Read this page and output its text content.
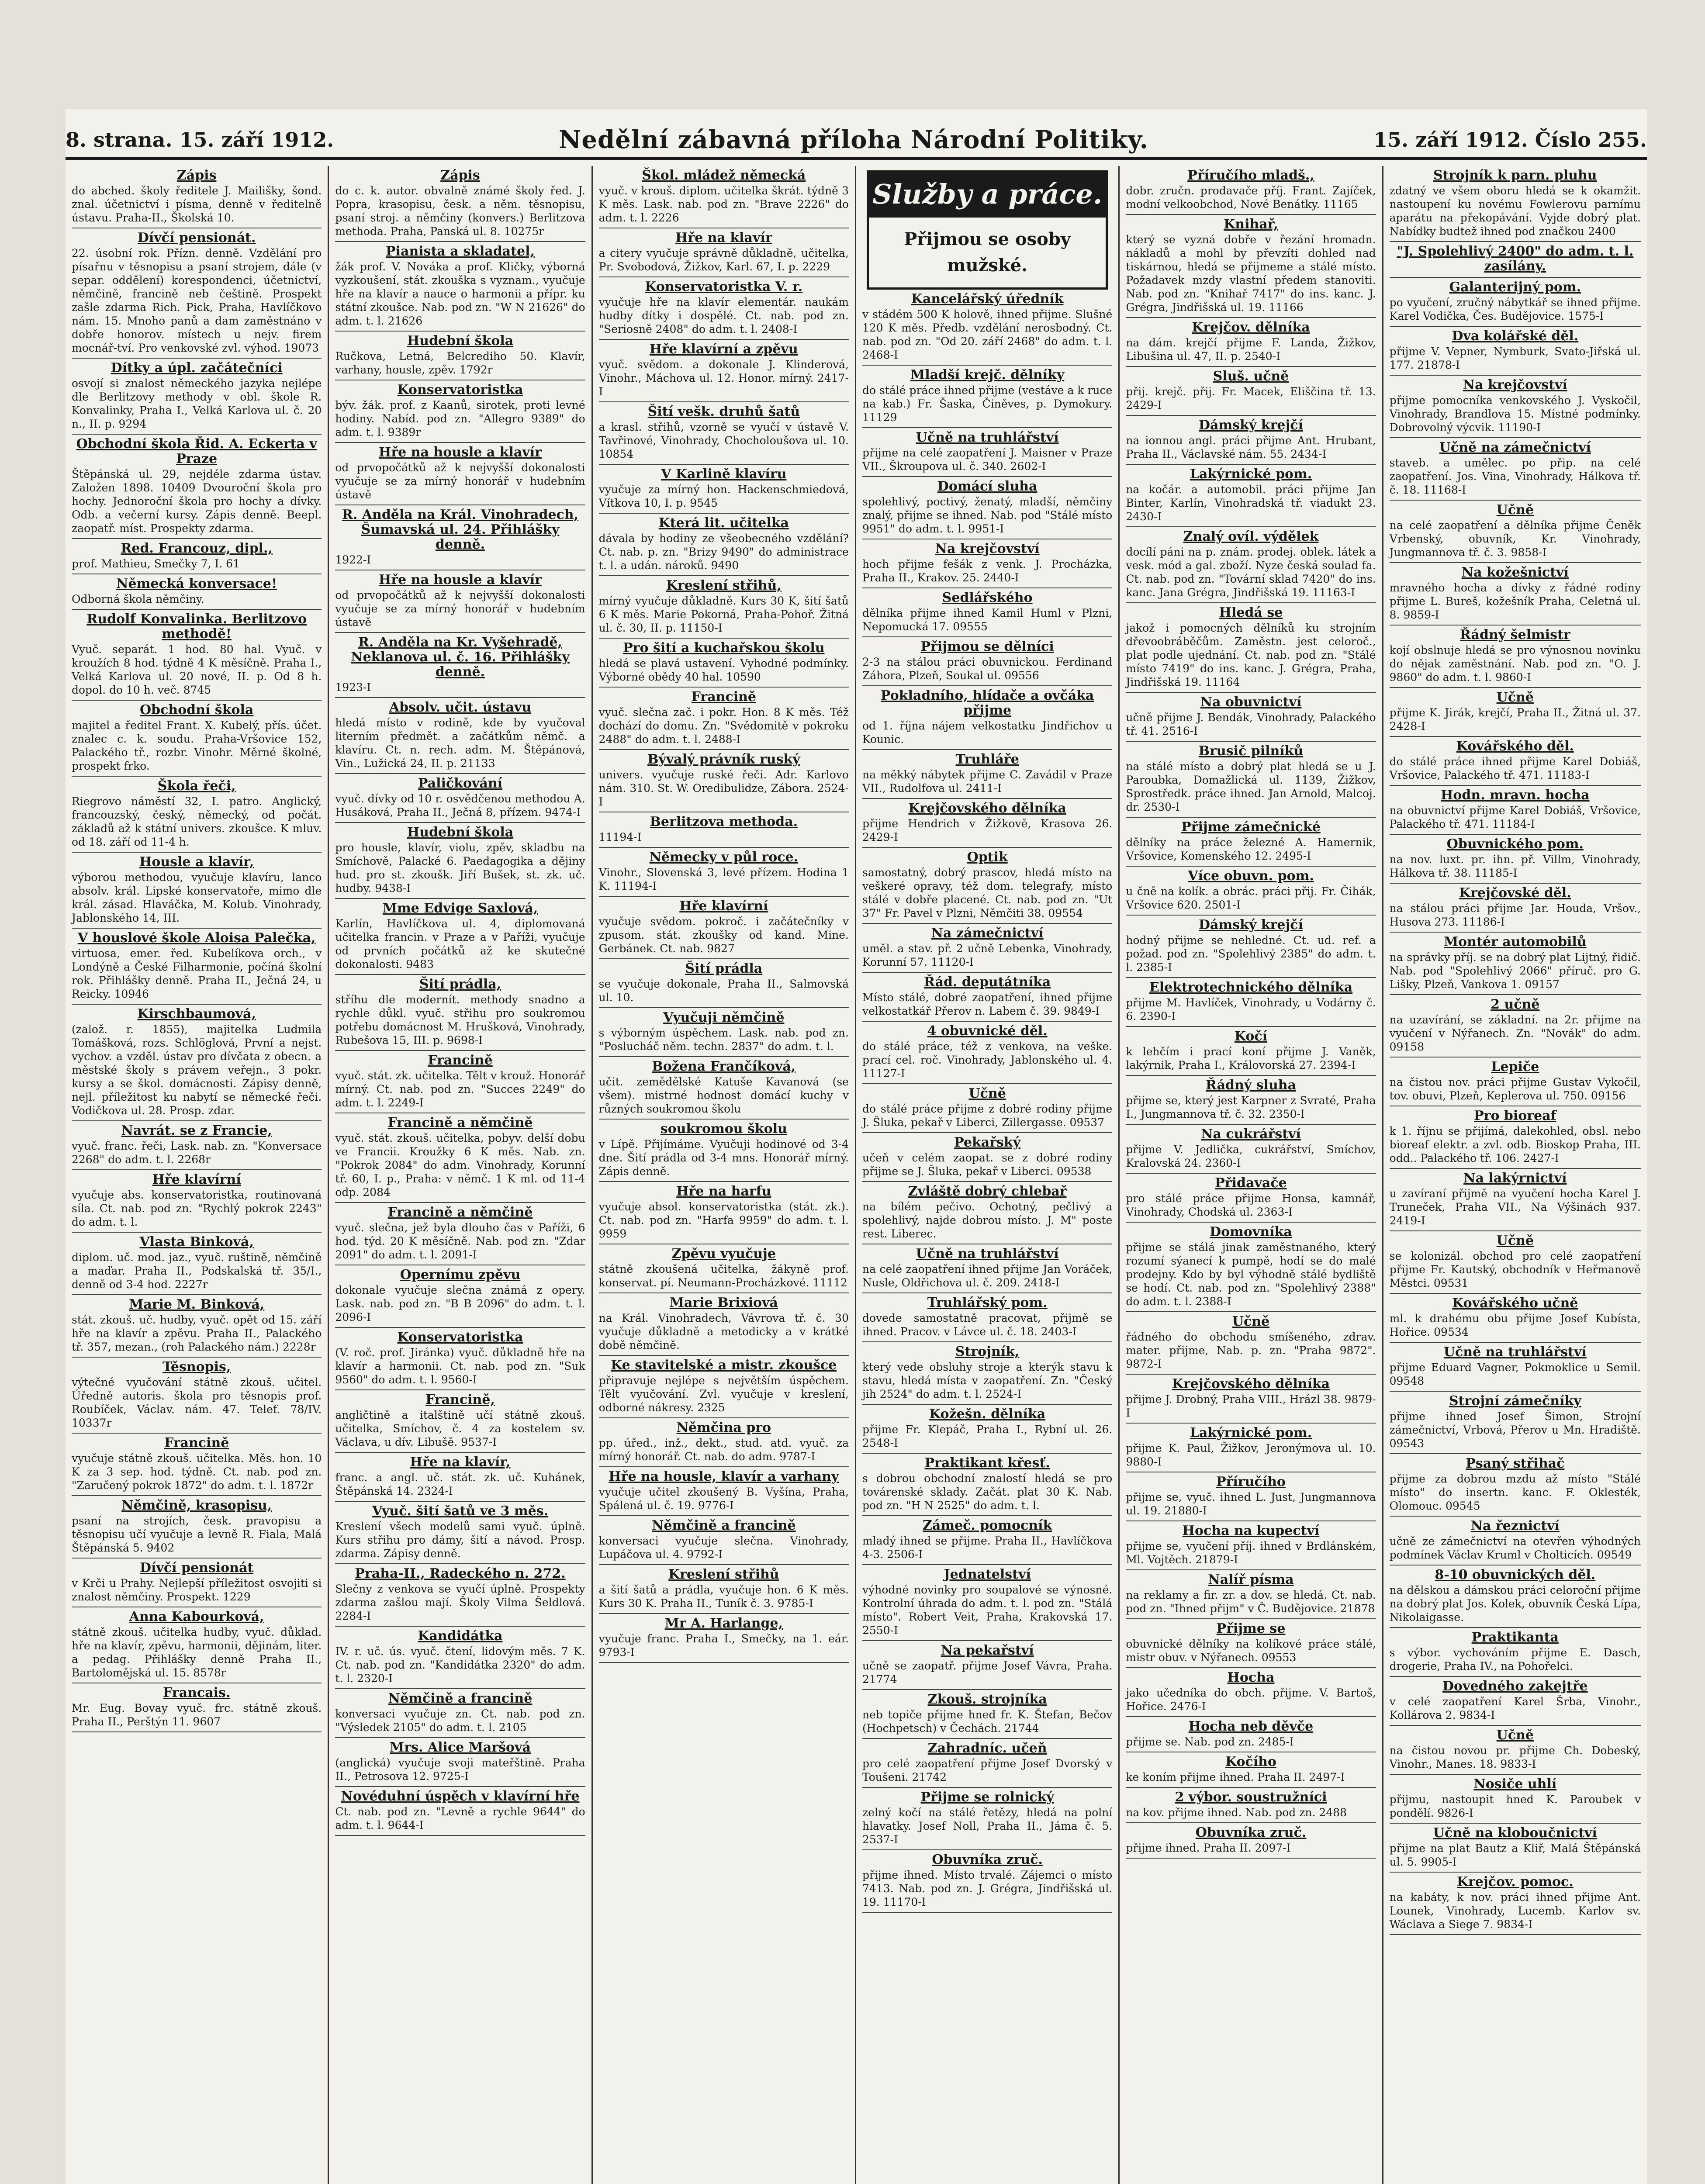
8. strana. 15. září 1912.	Nedělní zábavná příloha Národní Politiky.	15. září 1912. Číslo 255.
Zápis

do abched. školy ředitele J. Mailišky, šond. znal. účetnictví i písma, denně v ředitelně ústavu. Praha-II., Školská 10.

Dívčí pensionát.

22. úsobní rok. Přízn. denně. Vzdělání pro písařnu v těsnopisu a psaní strojem, dále (v separ. oddělení) korespondenci, účetnictví, němčině, francině neb češtině. Prospekt zašle zdarma Rich. Pick, Praha, Havlíčkovo nám. 15. Mnoho panů a dam zaměstnáno v dobře honorov. místech u nejv. firem mocnář-tví. Pro venkovské zvl. výhod. 19073

Dítky a úpl. začátečníci

osvojí si znalost německého jazyka nejlépe dle Berlitzovy methody v obl. škole R. Konvalinky, Praha I., Velká Karlova ul. č. 20 n., II. p. 9294

Obchodní škola Řid. A. Eckerta v Praze

Štěpánská ul. 29, nejdéle zdarma ústav. Založen 1898. 10409 Dvouroční škola pro hochy. Jednoroční škola pro hochy a dívky. Odb. a večerní kursy. Zápis denně. Beepl. zaopatř. míst. Prospekty zdarma.

Red. Francouz, dipl.,

prof. Mathieu, Smečky 7, I. 61

Německá konversace!

Odborná škola němčiny.

Rudolf Konvalinka. Berlitzovo methodě!

Vyuč. separát. 1 hod. 80 hal. Vyuč. v kroužích 8 hod. týdně 4 K měsíčně. Praha I., Velká Karlova ul. 20 nové, II. p. Od 8 h. dopol. do 10 h. več. 8745

Obchodní škola

majitel a ředitel Frant. X. Kubelý, přís. účet. znalec c. k. soudu. Praha-Vršovice 152, Palackého tř., rozbr. Vinohr. Měrné školné, prospekt frko.

Škola řeči,

Riegrovo náměstí 32, I. patro. Anglický, francouzský, český, německý, od počát. základů až k státní univers. zkoušce. K mluv. od 18. září od 11-4 h.

Housle a klavír,

výborou methodou, vyučuje klavíru, lanco absolv. král. Lipské konservatoře, mimo dle král. zásad. Hlaváčka, M. Kolub. Vinohrady, Jablonského 14, III.

V houslové škole Aloisa Palečka,

virtuosa, emer. řed. Kubelíkova orch., v Londýně a České Filharmonie, počíná školní rok. Přihlášky denně. Praha II., Ječná 24, u Reicky. 10946

Kirschbaumová,

(založ. r. 1855), majitelka Ludmila Tomášková, rozs. Schlöglová, První a nejst. vychov. a vzděl. ústav pro dívčata z obecn. a městské školy s právem veřejn., 3 pokr. kursy a se škol. domácnosti. Zápisy denně, nejl. příležitost ku nabytí se německé řeči. Vodičkova ul. 28. Prosp. zdar.

Navrát. se z Francie,

vyuč. franc. řeči, Lask. nab. zn. "Konversace 2268" do adm. t. l. 2268r

Hře klavírní

vyučuje abs. konservatoristka, routinovaná síla. Ct. nab. pod zn. "Rychlý pokrok 2243" do adm. t. l.

Vlasta Binková,

diplom. uč. mod. jaz., vyuč. ruštině, němčině a maďar. Praha II., Podskalská tř. 35/I., denně od 3-4 hod. 2227r

Marie M. Binková,

stát. zkouš. uč. hudby, vyuč. opět od 15. září hře na klavír a zpěvu. Praha II., Palackého tř. 357, mezan., (roh Palackého nám.) 2228r

Těsnopis,

výtečné vyučování státně zkouš. učitel. Úředně autoris. škola pro těsnopis prof. Roubíček, Václav. nám. 47. Telef. 78/IV. 10337r

Francině

vyučuje státně zkouš. učitelka. Měs. hon. 10 K za 3 sep. hod. týdně. Ct. nab. pod zn. "Zaručený pokrok 1872" do adm. t. l. 1872r

Němčině, krasopisu,

psaní na strojích, česk. pravopisu a těsnopisu učí vyučuje a levně R. Fiala, Malá Štěpánská 5. 9402

Dívčí pensionát

v Krči u Prahy. Nejlepší příležitost osvojiti si znalost němčiny. Prospekt. 1229

Anna Kabourková,

státně zkouš. učitelka hudby, vyuč. důklad. hře na klavír, zpěvu, harmonii, dějinám, liter. a pedag. Přihlášky denně Praha II., Bartolomějská ul. 15. 8578r

Francais.

Mr. Eug. Bovay vyuč. frc. státně zkouš. Praha II., Perštýn 11. 9607

Zápis

do c. k. autor. obvalně známé školy řed. J. Popra, krasopisu, česk. a něm. těsnopisu, psaní stroj. a němčiny (konvers.) Berlitzova methoda. Praha, Panská ul. 8. 10275r

Pianista a skladatel,

žák prof. V. Nováka a prof. Kličky, výborná vyzkoušení, stát. zkouška s vyznam., vyučuje hře na klavír a nauce o harmonii a přípr. ku státní zkoušce. Nab. pod zn. "W N 21626" do adm. t. l. 21626

Hudební škola

Ručkova, Letná, Belcrediho 50. Klavír, varhany, housle, zpěv. 1792r

Konservatoristka

býv. žák. prof. z Kaanů, sirotek, proti levné hodiny. Nabíd. pod zn. "Allegro 9389" do adm. t. l. 9389r

Hře na housle a klavír

od prvopočátků až k nejvyšší dokonalosti vyučuje se za mírný honorář v hudebním ústavě

R. Anděla na Král. Vinohradech, Šumavská ul. 24. Přihlášky denně.

1922-I

Hře na housle a klavír

od prvopočátků až k nejvyšší dokonalosti vyučuje se za mírný honorář v hudebním ústavě

R. Anděla na Kr. Vyšehradě, Neklanova ul. č. 16. Přihlášky denně.

1923-I

Absolv. učit. ústavu

hledá místo v rodině, kde by vyučoval literním předmět. a začátkům němč. a klavíru. Ct. n. rech. adm. M. Štěpánová, Vin., Lužická 24, II. p. 21133

Paličkování

vyuč. dívky od 10 r. osvědčenou methodou A. Husáková, Praha II., Ječná 8, přízem. 9474-I

Hudební škola

pro housle, klavír, violu, zpěv, skladbu na Smíchově, Palacké 6. Paedagogika a dějiny hud. pro st. zkoušk. Jiří Bušek, st. zk. uč. hudby. 9438-I

Mme Edvige Saxlová,

Karlín, Havlíčkova ul. 4, diplomovaná učitelka francin. v Praze a v Paříži, vyučuje od prvních počátků až ke skutečné dokonalosti. 9483

Šití prádla,

stříhu dle modernít. methody snadno a rychle důkl. vyuč. střihu pro soukromou potřebu domácnost M. Hrušková, Vinohrady, Rubešova 15, III. p. 9698-I

Francině

vyuč. stát. zk. učitelka. Tělt v krouž. Honorář mírný. Ct. nab. pod zn. "Succes 2249" do adm. t. l. 2249-I

Francině a němčině

vyuč. stát. zkouš. učitelka, pobyv. delší dobu ve Francii. Kroužky 6 K měs. Nab. zn. "Pokrok 2084" do adm. Vinohrady, Korunní tř. 60, I. p., Praha: v němč. 1 K ml. od 11-4 odp. 2084

Francině a němčině

vyuč. slečna, jež byla dlouho čas v Paříži, 6 hod. týd. 20 K měsíčně. Nab. pod zn. "Zdar 2091" do adm. t. l. 2091-I

Opernímu zpěvu

dokonale vyučuje slečna známá z opery. Lask. nab. pod zn. "B B 2096" do adm. t. l. 2096-I

Konservatoristka

(V. roč. prof. Jiránka) vyuč. důkladně hře na klavír a harmonii. Ct. nab. pod zn. "Suk 9560" do adm. t. l. 9560-I

Francině,

angličtině a italštině učí státně zkouš. učitelka, Smíchov, č. 4 za kostelem sv. Václava, u dív. Libušě. 9537-I

Hře na klavír,

franc. a angl. uč. stát. zk. uč. Kuhánek, Štěpánská 14. 2324-I

Vyuč. šití šatů ve 3 měs.

Kreslení všech modelů sami vyuč. úplně. Kurs střihu pro dámy, šití a návod. Prosp. zdarma. Zápisy denně.

Praha-II., Radeckého n. 272.

Slečny z venkova se vyučí úplně. Prospekty zdarma zašlou mají. Školy Vilma Šeldlová. 2284-I

Kandidátka

IV. r. uč. ús. vyuč. čtení, lidovým měs. 7 K. Ct. nab. pod zn. "Kandidátka 2320" do adm. t. l. 2320-I

Němčině a francině

konversaci vyučuje zn. Ct. nab. pod zn. "Výsledek 2105" do adm. t. l. 2105

Mrs. Alice Maršová

(anglická) vyučuje svoji mateřštině. Praha II., Petrosova 12. 9725-I

Novéduhní úspěch v klavírní hře

Ct. nab. pod zn. "Levně a rychle 9644" do adm. t. l. 9644-I

Škol. mládež německá

vyuč. v krouš. diplom. učitelka škrát. týdně 3 K měs. Lask. nab. pod zn. "Brave 2226" do adm. t. l. 2226

Hře na klavír

a citery vyučuje správně důkladně, učitelka, Pr. Svobodová, Žižkov, Karl. 67, I. p. 2229

Konservatoristka V. r.

vyučuje hře na klavír elementár. naukám hudby dítky i dospělé. Ct. nab. pod zn. "Seriosně 2408" do adm. t. l. 2408-I

Hře klavírní a zpěvu

vyuč. svědom. a dokonale J. Klinderová, Vinohr., Máchova ul. 12. Honor. mírný. 2417-I

Šití vešk. druhů šatů

a krasl. střihů, vzorně se vyučí v ústavě V. Tavřinové, Vinohrady, Chocholoušova ul. 10. 10854

V Karlině klavíru

vyučuje za mírný hon. Hackenschmiedová, Vítkova 10, I. p. 9545

Která lit. učitelka

dávala by hodiny ze všeobecného vzdělání? Ct. nab. p. zn. "Brizy 9490" do administrace t. l. a udán. nároků. 9490

Kreslení střihů,

mírný vyučuje důkladně. Kurs 30 K, šití šatů 6 K měs. Marie Pokorná, Praha-Pohoř. Žitná ul. č. 30, II. p. 11150-I

Pro šití a kuchařskou školu

hledá se plavá ustavení. Vyhodné podmínky. Výborné obědy 40 hal. 10590

Francině

vyuč. slečna zač. i pokr. Hon. 8 K měs. Též dochází do domu. Zn. "Svědomitě v pokroku 2488" do adm. t. l. 2488-I

Bývalý právník ruský

univers. vyučuje ruské řeči. Adr. Karlovo nám. 310. St. W. Oredibulidze, Zábora. 2524-I

Berlitzova methoda.

11194-I

Německy v půl roce.

Vinohr., Slovenská 3, levé přízem. Hodina 1 K. 11194-I

Hře klavírní

vyučuje svědom. pokroč. i začátečníky v zpusom. stát. zkoušky od kand. Mine. Gerbánek. Ct. nab. 9827

Šití prádla

se vyučuje dokonale, Praha II., Salmovská ul. 10.

Vyučuji němčině

s výborným úspěchem. Lask. nab. pod zn. "Poslucháč něm. techn. 2837" do adm. t. l.

Božena Frančíková,

učit. zemědělské Katuše Kavanová (se všem). mistrné hodnost domácí kuchy v různých soukromou školu

soukromou školu

v Lípě. Přijímáme. Vyučuji hodinové od 3-4 dne. Šití prádla od 3-4 mns. Honorář mírný. Zápis denně.

Hře na harfu

vyučuje absol. konservatoristka (stát. zk.). Ct. nab. pod zn. "Harfa 9959" do adm. t. l. 9959

Zpěvu vyučuje

státně zkoušená učitelka, žákyně prof. konservat. pí. Neumann-Procházkové. 11112

Marie Brixiová

na Král. Vinohradech, Vávrova tř. č. 30 vyučuje důkladně a metodicky a v krátké době němčině.

Ke stavitelské a mistr. zkoušce

připravuje nejlépe s největším úspěchem. Tělt vyučování. Zvl. vyučuje v kreslení, odborné nákresy. 2325

Němčina pro

pp. úřed., inž., dekt., stud. atd. vyuč. za mírný honorář. Ct. nab. do adm. 9787-I

Hře na housle, klavír a varhany

vyučuje učitel zkoušený B. Vyšína, Praha, Spálená ul. č. 19. 9776-I

Němčině a francině

konversaci vyučuje slečna. Vinohrady, Lupáčova ul. 4. 9792-I

Kreslení střihů

a šití šatů a prádla, vyučuje hon. 6 K měs. Kurs 30 K. Praha II., Tuník č. 3. 9785-I

Mr A. Harlange,

vyučuje franc. Praha I., Smečky, na 1. eár. 9793-I

Služby a práce.
Přijmou se osoby mužské.
Kancelářský úředník

v stádém 500 K holově, ihned přijme. Slušné 120 K měs. Předb. vzdělání nerosbodný. Ct. nab. pod zn. "Od 20. září 2468" do adm. t. l. 2468-I

Mladší krejč. dělníky

do stálé práce ihned přijme (vestáve a k ruce na kab.) Fr. Šaska, Činěves, p. Dymokury. 11129

Učně na truhlářství

přijme na celé zaopatření J. Maisner v Praze VII., Škroupova ul. č. 340. 2602-I

Domácí sluha

spolehlivý, poctivý, ženatý, mladší, němčiny znalý, přijme se ihned. Nab. pod "Stálé místo 9951" do adm. t. l. 9951-I

Na krejčovství

hoch přijme fešák z venk. J. Procházka, Praha II., Krakov. 25. 2440-I

Sedlářského

dělníka přijme ihned Kamil Huml v Plzni, Nepomucká 17. 09555

Přijmou se dělníci

2-3 na stálou práci obuvnickou. Ferdinand Záhora, Plzeň, Soukal ul. 09556

Pokladního, hlídače a ovčáka přijme

od 1. října nájem velkostatku Jindřichov u Kounic.

Truhláře

na měkký nábytek přijme C. Zavádil v Praze VII., Rudolfova ul. 2411-I

Krejčovského dělníka

přijme Hendrich v Žižkově, Krasova 26. 2429-I

Optik

samostatný, dobrý prascov, hledá místo na veškeré opravy, též dom. telegrafy, místo stálé v dobře placené. Ct. nab. pod zn. "Ut 37" Fr. Pavel v Plzni, Němčiti 38. 09554

Na zámečnictví

uměl. a stav. př. 2 učně Lebenka, Vinohrady, Korunní 57. 11120-I

Řád. deputátníka

Místo stálé, dobré zaopatření, ihned přijme velkostatkář Přerov n. Labem č. 39. 9849-I

4 obuvnické děl.

do stálé práce, též z venkova, na veške. prací cel. roč. Vinohrady, Jablonského ul. 4. 11127-I

Učně

do stálé práce přijme z dobré rodiny přijme J. Šluka, pekař v Liberci, Zillergasse. 09537

Pekařský

učeň v celém zaopat. se z dobré rodiny přijme se J. Šluka, pekař v Liberci. 09538

Zvláště dobrý chlebař

na bílém pečivo. Ochotný, pečlivý a spolehlivý, najde dobrou místo. J. M" poste rest. Liberec.

Učně na truhlářství

na celé zaopatření ihned přijme Jan Voráček, Nusle, Oldřichova ul. č. 209. 2418-I

Truhlářský pom.

dovede samostatně pracovat, přijmě se ihned. Pracov. v Lávce ul. č. 18. 2403-I

Strojník,

který vede obsluhy stroje a kterýk stavu k stavu, hledá místa v zaopatření. Zn. "Český jih 2524" do adm. t. l. 2524-I

Kožešn. dělníka

přijme Fr. Klepáč, Praha I., Rybní ul. 26. 2548-I

Praktikant křesť.

s dobrou obchodní znalostí hledá se pro továrenské sklady. Začát. plat 30 K. Nab. pod zn. "H N 2525" do adm. t. l.

Zámeč. pomocník

mladý ihned se přijme. Praha II., Havlíčkova 4-3. 2506-I

Jednatelství

výhodné novinky pro soupalové se výnosné. Kontrolní úhrada do adm. t. l. pod zn. "Stálá místo". Robert Veit, Praha, Krakovská 17. 2550-I

Na pekařství

učně se zaopatř. přijme Josef Vávra, Praha. 21774

Zkouš. strojníka

neb topiče přijme hned fr. K. Štefan, Bečov (Hochpetsch) v Čechách. 21744

Zahradníc. učeň

pro celé zaopatření přijme Josef Dvorský v Toušeni. 21742

Přijme se rolnický

zelný kočí na stálé řetězy, hledá na polní hlavatky. Josef Noll, Praha II., Jáma č. 5. 2537-I

Obuvníka zruč.

přijme ihned. Místo trvalé. Zájemci o místo 7413. Nab. pod zn. J. Grégra, Jindřišská ul. 19. 11170-I

Příručího mladš.,

dobr. zručn. prodavače příj. Frant. Zajíček, modní velkoobchod, Nové Benátky. 11165

Knihař,

který se vyzná dobře v řezání hromadn. nákladů a mohl by převzíti dohled nad tiskárnou, hledá se přijmeme a stálé místo. Požadavek mzdy vlastní předem stanoviti. Nab. pod zn. "Knihař 7417" do ins. kanc. J. Grégra, Jindřišská ul. 19. 11166

Krejčov. dělníka

na dám. krejčí přijme F. Landa, Žižkov, Libušina ul. 47, II. p. 2540-I

Sluš. učně

přij. krejč. přij. Fr. Macek, Eliščina tř. 13. 2429-I

Dámský krejčí

na ionnou angl. práci přijme Ant. Hrubant, Praha II., Václavské nám. 55. 2434-I

Lakýrnické pom.

na kočár. a automobil. práci přijme Jan Binter, Karlín, Vinohradská tř. viadukt 23. 2430-I

Znalý ovíl. výdělek

docílí páni na p. znám. prodej. oblek. látek a vesk. mód a gal. zboží. Nyze česká soulad fa. Ct. nab. pod zn. "Tovární sklad 7420" do ins. kanc. Jana Grégra, Jindřišská 19. 11163-I

Hledá se

jakož i pomocných dělníků ku strojním dřevoobráběčům. Zaměstn. jest celoroč., plat podle ujednání. Ct. nab. pod zn. "Stálé místo 7419" do ins. kanc. J. Grégra, Praha, Jindřišská 19. 11164

Na obuvnictví

učně přijme J. Bendák, Vinohrady, Palackého tř. 41. 2516-I

Brusič pilníků

na stálé místo a dobrý plat hledá se u J. Paroubka, Domažlická ul. 1139, Žižkov, Sprostředk. práce ihned. Jan Arnold, Malcoj. dr. 2530-I

Přijme zámečnické

dělníky na práce železné A. Hamernik, Vršovice, Komenského 12. 2495-I

Více obuvn. pom.

u čně na kolík. a obrác. práci přij. Fr. Čihák, Vršovice 620. 2501-I

Dámský krejčí

hodný přijme se nehledné. Ct. ud. ref. a požad. pod zn. "Spolehlivý 2385" do adm. t. l. 2385-I

Elektrotechnického dělníka

přijme M. Havlíček, Vinohrady, u Vodárny č. 6. 2390-I

Kočí

k lehčím i prací koní přijme J. Vaněk, lakýrnik, Praha I., Královorská 27. 2394-I

Řádný sluha

přijme se, který jest Karpner z Svraté, Praha I., Jungmannova tř. č. 32. 2350-I

Na cukrářství

přijme V. Jedlička, cukrářství, Smíchov, Kralovská 24. 2360-I

Přidavače

pro stálé práce přijme Honsa, kamnář, Vinohrady, Chodská ul. 2363-I

Domovníka

přijme se stálá jinak zaměstnaného, který rozumí sýanecí k pumpě, hodí se do malé prodejny. Kdo by byl výhodně stálé bydliště se hodí. Ct. nab. pod zn. "Spolehlivý 2388" do adm. t. l. 2388-I

Učně

řádného do obchodu smíšeného, zdrav. mater. přijme, Nab. p. zn. "Praha 9872". 9872-I

Krejčovského dělníka

přijme J. Drobný, Praha VIII., Hrázl 38. 9879-I

Lakýrnické pom.

přijme K. Paul, Žižkov, Jeronýmova ul. 10. 9880-I

Příručího

přijme se, vyuč. ihned L. Just, Jungmannova ul. 19. 21880-I

Hocha na kupectví

přijme se, vyučení příj. ihned v Brdlánském, Ml. Vojtěch. 21879-I

Nalíř písma

na reklamy a fir. zr. a dov. se hledá. Ct. nab. pod zn. "Ihned přijm" v Č. Budějovice. 21878

Přijme se

obuvnické dělníky na kolíkové práce stálé, mistr obuv. v Nýřanech. 09553

Hocha

jako učedníka do obch. přijme. V. Bartoš, Hořice. 2476-I

Hocha neb děvče

přijme se. Nab. pod zn. 2485-I

Kočího

ke koním přijme ihned. Praha II. 2497-I

2 výbor. soustružníci

na kov. přijme ihned. Nab. pod zn. 2488

Obuvníka zruč.

přijme ihned. Praha II. 2097-I

Strojník k parn. pluhu

zdatný ve všem oboru hledá se k okamžit. nastoupení ku novému Fowlerovu parnímu aparátu na překopávání. Vyjde dobrý plat. Nabídky budtež ihned pod značkou 2400

"J. Spolehlivý 2400" do adm. t. l. zasílány.
Galanterijný pom.

po vyučení, zručný nábytkář se ihned přijme. Karel Vodička, Čes. Budějovice. 1575-I

Dva kolářské děl.

přijme V. Vepner, Nymburk, Svato-Jiřská ul. 177. 21878-I

Na krejčovství

přijme pomocníka venkovského J. Vyskočil, Vinohrady, Brandlova 15. Místné podmínky. Dobrovolný výcvik. 11190-I

Učně na zámečnictví

staveb. a umělec. po přip. na celé zaopatření. Jos. Vina, Vinohrady, Hálkova tř. č. 18. 11168-I

Učně

na celé zaopatření a dělníka přijme Čeněk Vrbenský, obuvník, Kr. Vinohrady, Jungmannova tř. č. 3. 9858-I

Na kožešnictví

mravného hocha a dívky z řádné rodiny přijme L. Bureš, kožešník Praha, Celetná ul. 8. 9859-I

Řádný šelmistr

kojí obslnuje hledá se pro výnosnou novinku do nějak zaměstnání. Nab. pod zn. "O. J. 9860" do adm. t. l. 9860-I

Učně

přijme K. Jirák, krejčí, Praha II., Žitná ul. 37. 2428-I

Kovářského děl.

do stálé práce ihned přijme Karel Dobiáš, Vršovice, Palackého tř. 471. 11183-I

Hodn. mravn. hocha

na obuvnictví přijme Karel Dobiáš, Vršovice, Palackého tř. 471. 11184-I

Obuvnického pom.

na nov. luxt. pr. ihn. př. Villm, Vinohrady, Hálkova tř. 38. 11185-I

Krejčovské děl.

na stálou práci přijme Jar. Houda, Vršov., Husova 273. 11186-I

Montér automobilů

na správky příj. se na dobrý plat Lijtný, řidič. Nab. pod "Spolehlivý 2066" příruč. pro G. Lišky, Plzeň, Vankova 1. 09157

2 učně

na uzavírání, se základní. na 2r. přijme na vyučení v Nýřanech. Zn. "Novák" do adm. 09158

Lepiče

na čistou nov. práci přijme Gustav Vykočil, tov. obuvi, Plzeň, Keplerova ul. 750. 09156

Pro bioreaf

k 1. říjnu se přijímá, dalekohled, obsl. nebo bioreaf elektr. a zvl. odb. Bioskop Praha, III. odd.. Palackého tř. 106. 2427-I

Na lakýrnictví

u zavíraní přijmě na vyučení hocha Karel J. Truneček, Praha VII., Na Výšinách 937. 2419-I

Učně

se kolonizál. obchod pro celé zaopatření přijme Fr. Kautský, obchodník v Heřmanově Městci. 09531

Kovářského učně

ml. k drahému obu přijme Josef Kubísta, Hořice. 09534

Učně na truhlářství

přijme Eduard Vagner, Pokmoklice u Semil. 09548

Strojní zámečníky

přijme ihned Josef Šimon, Strojní zámečnictví, Vrbová, Přerov u Mn. Hradiště. 09543

Psaný střihač

přijme za dobrou mzdu až místo "Stálé místo" do insertn. kanc. F. Oklesték, Olomouc. 09545

Na řeznictví

učně ze zámečnictví na otevřen výhodných podmínek Václav Kruml v Cholticích. 09549

8-10 obuvnických děl.

na dělskou a dámskou práci celoroční přijme na dobrý plat Jos. Kolek, obuvník Česká Lípa, Nikolaigasse.

Praktikanta

s výbor. vychováním přijme E. Dasch, drogerie, Praha IV., na Pohořelci.

Dovedného zakejtře

v celé zaopatření Karel Šrba, Vinohr., Kollárova 2. 9834-I

Učně

na čistou novou pr. přijme Ch. Dobeský, Vinohr., Manes. 18. 9833-I

Nosiče uhlí

přijmu, nastoupit hned K. Paroubek v pondělí. 9826-I

Učně na kloboučnictví

přijme na plat Bautz a Kliř, Malá Štěpánská ul. 5. 9905-I

Krejčov. pomoc.

na kabáty, k nov. práci ihned přijme Ant. Lounek, Vinohrady, Lucemb. Karlov sv. Wáclava a Siege 7. 9834-I
